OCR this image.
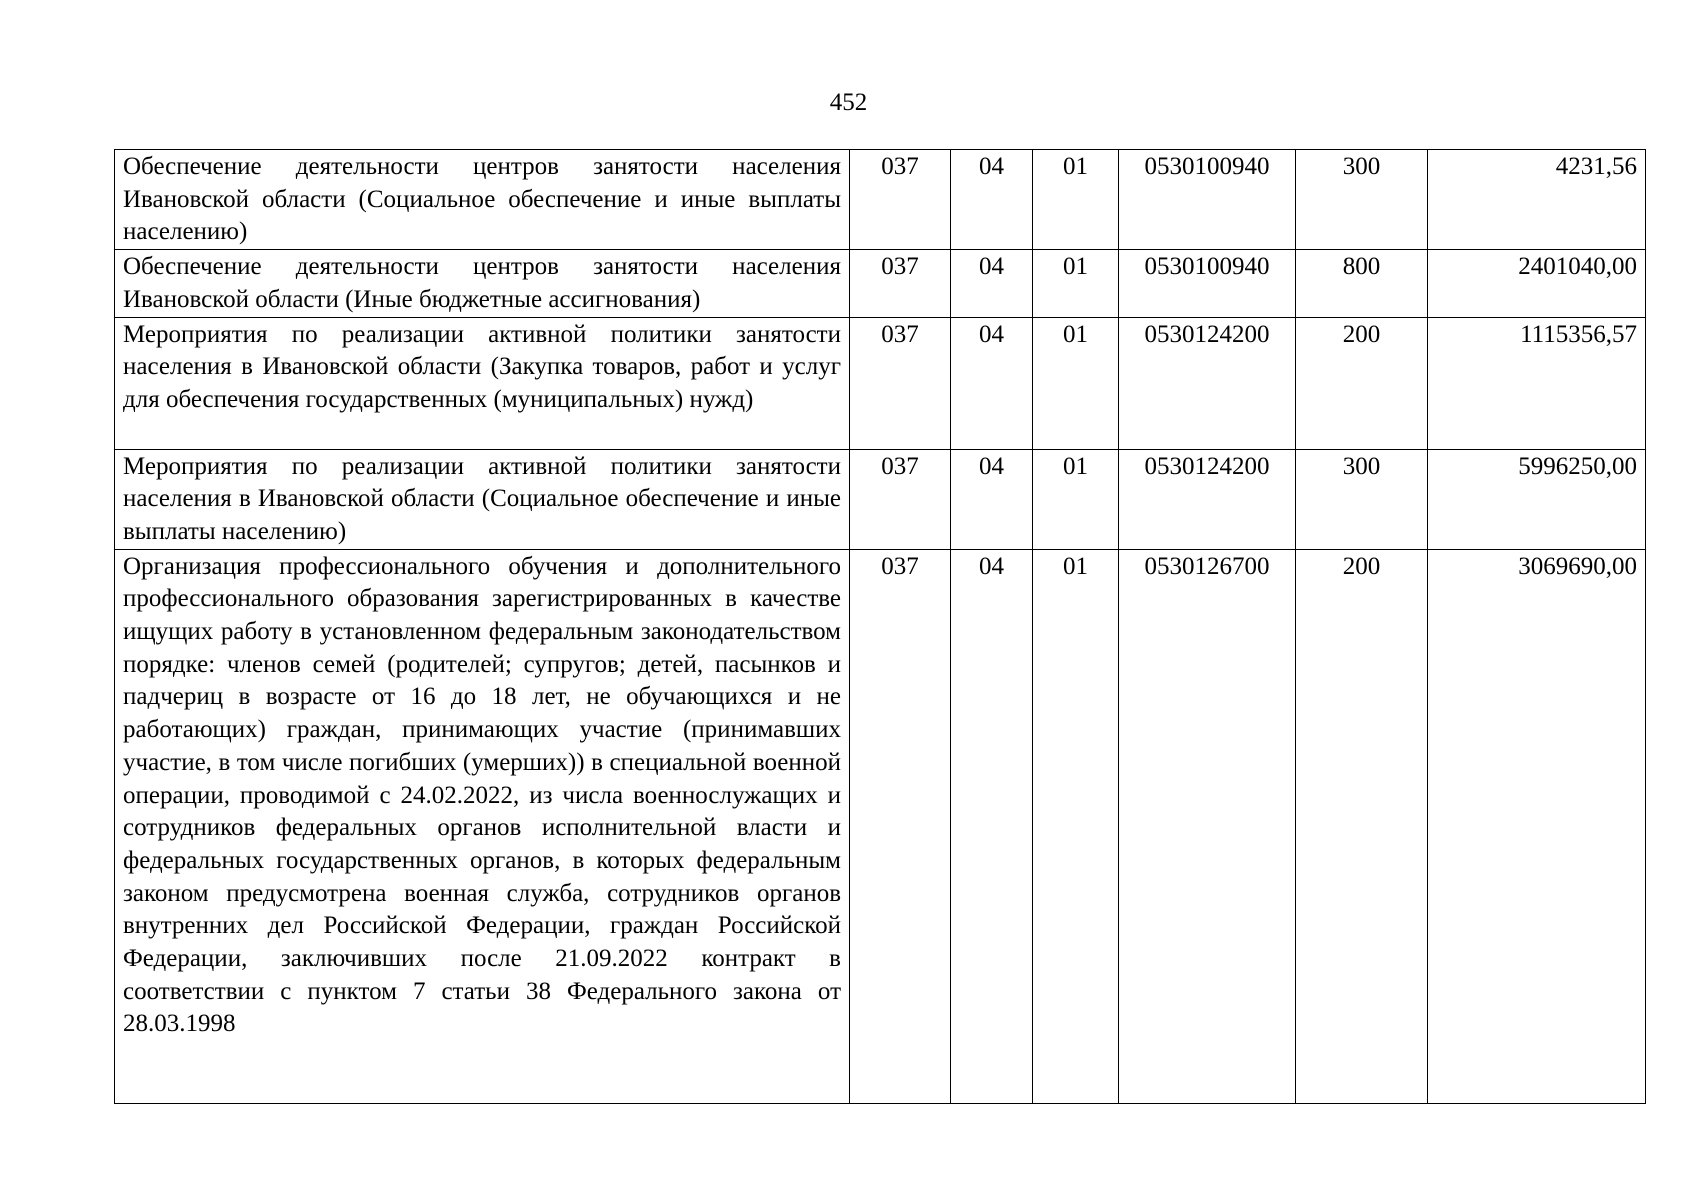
452
Обеспечение деятельности центров занятости населения Ивановской области (Социальное обеспечение и иные выплаты населению)	037	04	01	0530100940	300	4231,56
Обеспечение деятельности центров занятости населения Ивановской области (Иные бюджетные ассигнования)	037	04	01	0530100940	800	2401040,00
Мероприятия по реализации активной политики занятости населения в Ивановской области (Закупка товаров, работ и услуг для обеспечения государственных (муниципальных) нужд)	037	04	01	0530124200	200	1115356,57
Мероприятия по реализации активной политики занятости населения в Ивановской области (Социальное обеспечение и иные выплаты населению)	037	04	01	0530124200	300	5996250,00
Организация профессионального обучения и дополнительного профессионального образования зарегистрированных в качестве ищущих работу в установленном федеральным законодательством порядке: членов семей (родителей; супругов; детей, пасынков и падчериц в возрасте от 16 до 18 лет, не обучающихся и не работающих) граждан, принимающих участие (принимавших участие, в том числе погибших (умерших)) в специальной военной операции, проводимой с 24.02.2022, из числа военнослужащих и сотрудников федеральных органов исполнительной власти и федеральных государственных органов, в которых федеральным законом предусмотрена военная служба, сотрудников органов внутренних дел Российской Федерации, граждан Российской Федерации, заключивших после 21.09.2022 контракт в соответствии с пунктом 7 статьи 38 Федерального закона от 28.03.1998	037	04	01	0530126700	200	3069690,00
